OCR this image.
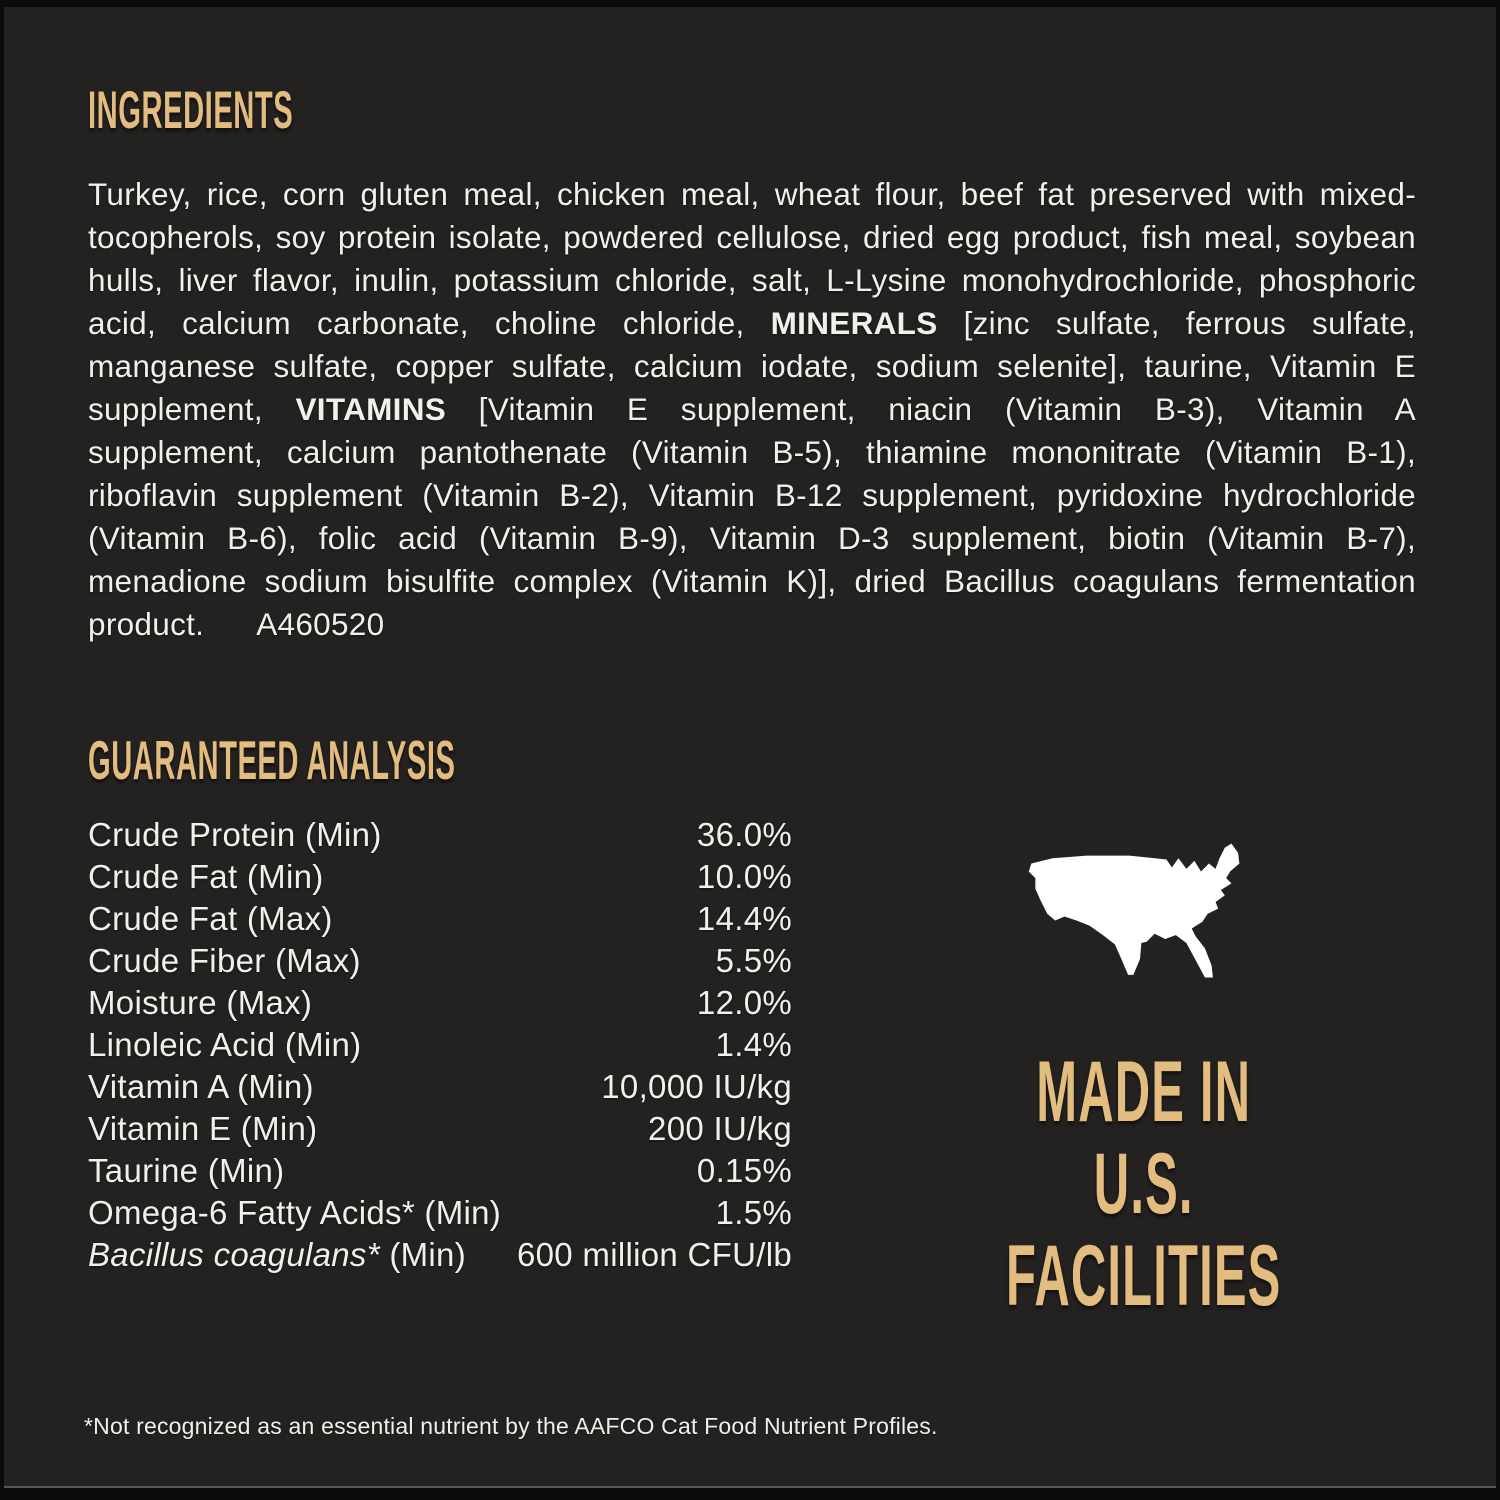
INGREDIENTS

Turkey, rice, corn gluten meal, chicken meal, wheat flour, beef fat preserved with mixed-tocopherols, soy protein isolate, powdered cellulose, dried egg product, fish meal, soybean hulls, liver flavor, inulin, potassium chloride, salt, L-Lysine monohydrochloride, phosphoric acid, calcium carbonate, choline chloride, MINERALS [zinc sulfate, ferrous sulfate, manganese sulfate, copper sulfate, calcium iodate, sodium selenite], taurine, Vitamin E supplement, VITAMINS [Vitamin E supplement, niacin (Vitamin B-3), Vitamin A supplement, calcium pantothenate (Vitamin B-5), thiamine mononitrate (Vitamin B-1), riboflavin supplement (Vitamin B-2), Vitamin B-12 supplement, pyridoxine hydrochloride (Vitamin B-6), folic acid (Vitamin B-9), Vitamin D-3 supplement, biotin (Vitamin B-7), menadione sodium bisulfite complex (Vitamin K)], dried Bacillus coagulans fermentation product. A460520

GUARANTEED ANALYSIS
Crude Protein (Min)	36.0%
Crude Fat (Min)	10.0%
Crude Fat (Max)	14.4%
Crude Fiber (Max)	5.5%
Moisture (Max)	12.0%
Linoleic Acid (Min)	1.4%
Vitamin A (Min)	10,000 IU/kg
Vitamin E (Min)	200 IU/kg
Taurine (Min)	0.15%
Omega-6 Fatty Acids* (Min)	1.5%
Bacillus coagulans* (Min) 600 million CFU/lb
MADE IN
U.S.
FACILITIES
*Not recognized as an essential nutrient by the AAFCO Cat Food Nutrient Profiles.
